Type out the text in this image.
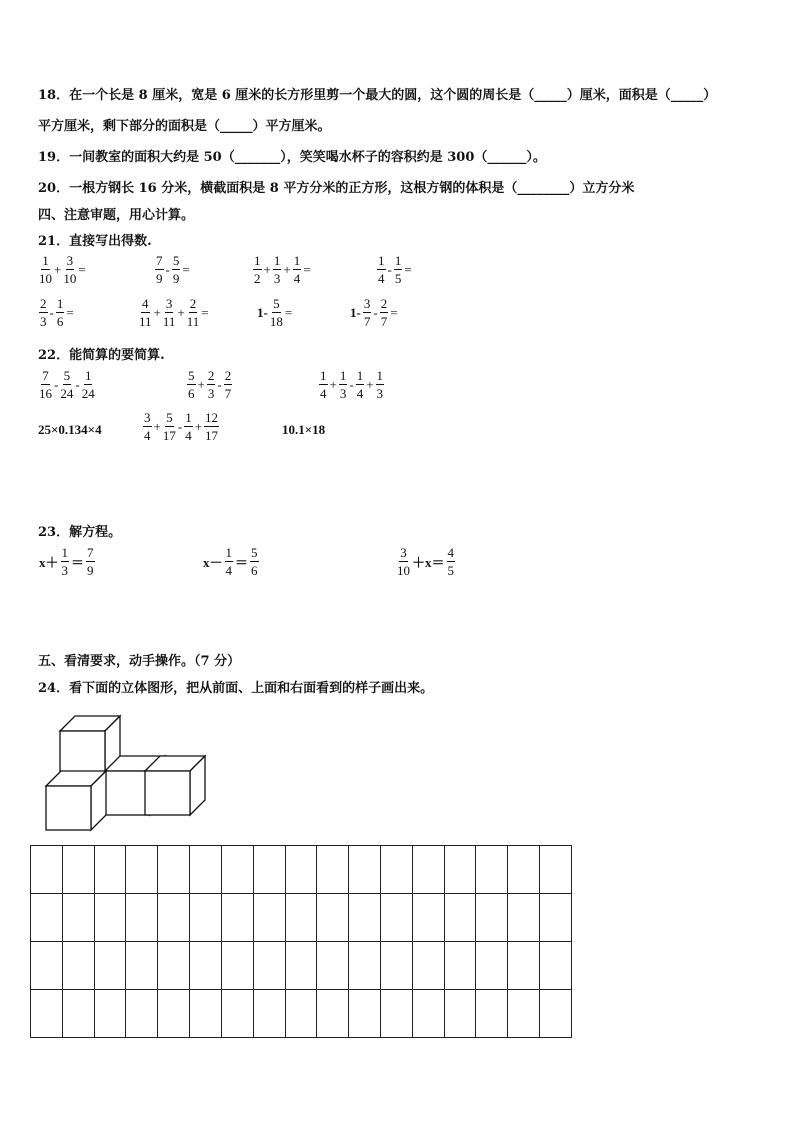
18．在一个长是 8 厘米，宽是 6 厘米的长方形里剪一个最大的圆，这个圆的周长是（_____）厘米，面积是（_____）
平方厘米，剩下部分的面积是（_____）平方厘米。
19．一间教室的面积大约是 50（_______），笑笑喝水杯子的容积约是 300（______）。
20．一根方钢长 16 分米，横截面积是 8 平方分米的正方形，这根方钢的体积是（________）立方分米
四、注意审题，用心计算。
21．直接写出得数.
$\frac{1}{10} + \frac{3}{10}$ =	$\frac{7}{9} - \frac{5}{9}$ =	$\frac{1}{2} + \frac{1}{3} + \frac{1}{4}$ =	$\frac{1}{4} - \frac{1}{5}$ =
$\frac{2}{3} - \frac{1}{6}$ =	$\frac{4}{11} + \frac{3}{11} + \frac{2}{11}$ =	$1- \frac{5}{18}$ =	$1- \frac{3}{7} - \frac{2}{7}$ =
22．能简算的要简算.
$\frac{7}{16} - \frac{5}{24} - \frac{1}{24}$	$\frac{5}{6} + \frac{2}{3} - \frac{2}{7}$	$\frac{1}{4} + \frac{1}{3} - \frac{1}{4} + \frac{1}{3}$
25×0.134×4	$\frac{3}{4} + \frac{5}{17} - \frac{1}{4} + \frac{12}{17}$	10.1×18
23．解方程。
$x+ \frac{1}{3} = \frac{7}{9}$	$x- \frac{1}{4} = \frac{5}{6}$	$\frac{3}{10} +x= \frac{4}{5}$
五、看清要求，动手操作。（7 分）
24．看下面的立体图形，把从前面、上面和右面看到的样子画出来。
